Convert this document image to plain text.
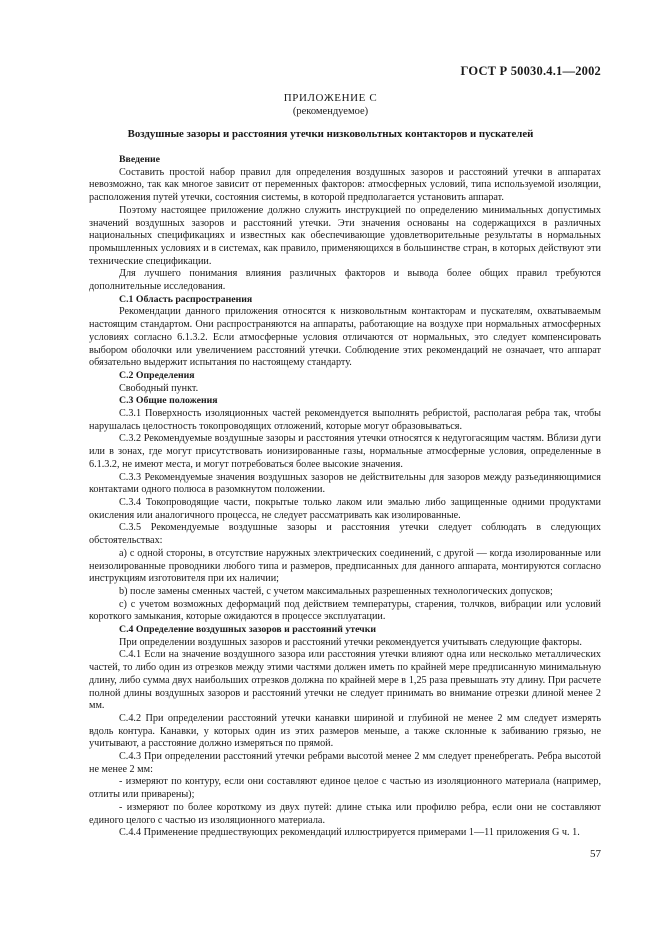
ГОСТ Р 50030.4.1—2002
ПРИЛОЖЕНИЕ С
(рекомендуемое)
Воздушные зазоры и расстояния утечки низковольтных контакторов и пускателей

Введение

Составить простой набор правил для определения воздушных зазоров и расстояний утечки в аппаратах невозможно, так как многое зависит от переменных факторов: атмосферных условий, типа используемой изоляции, расположения путей утечки, состояния системы, в которой предполагается установить аппарат.

Поэтому настоящее приложение должно служить инструкцией по определению минимальных допустимых значений воздушных зазоров и расстояний утечки. Эти значения основаны на содержащихся в различных национальных спецификациях и известных как обеспечивающие удовлетворительные результаты в нормальных промышленных условиях и в системах, как правило, применяющихся в большинстве стран, в которых действуют эти технические спецификации.

Для лучшего понимания влияния различных факторов и вывода более общих правил требуются дополнительные исследования.

С.1 Область распространения

Рекомендации данного приложения относятся к низковольтным контакторам и пускателям, охватываемым настоящим стандартом. Они распространяются на аппараты, работающие на воздухе при нормальных атмосферных условиях согласно 6.1.3.2. Если атмосферные условия отличаются от нормальных, это следует компенсировать выбором оболочки или увеличением расстояний утечки. Соблюдение этих рекомендаций не означает, что аппарат обязательно выдержит испытания по настоящему стандарту.

С.2 Определения

Свободный пункт.

С.3 Общие положения

С.3.1 Поверхность изоляционных частей рекомендуется выполнять ребристой, располагая ребра так, чтобы нарушалась целостность токопроводящих отложений, которые могут образовываться.

С.3.2 Рекомендуемые воздушные зазоры и расстояния утечки относятся к недугогасящим частям. Вблизи дуги или в зонах, где могут присутствовать ионизированные газы, нормальные атмосферные условия, определенные в 6.1.3.2, не имеют места, и могут потребоваться более высокие значения.

С.3.3 Рекомендуемые значения воздушных зазоров не действительны для зазоров между разъединяющимися контактами одного полюса в разомкнутом положении.

С.3.4 Токопроводящие части, покрытые только лаком или эмалью либо защищенные одними продуктами окисления или аналогичного процесса, не следует рассматривать как изолированные.

С.3.5 Рекомендуемые воздушные зазоры и расстояния утечки следует соблюдать в следующих обстоятельствах:

а) с одной стороны, в отсутствие наружных электрических соединений, с другой — когда изолированные или неизолированные проводники любого типа и размеров, предписанных для данного аппарата, монтируются согласно инструкциям изготовителя при их наличии;

b) после замены сменных частей, с учетом максимальных разрешенных технологических допусков;

с) с учетом возможных деформаций под действием температуры, старения, толчков, вибрации или условий короткого замыкания, которые ожидаются в процессе эксплуатации.

С.4 Определение воздушных зазоров и расстояний утечки

При определении воздушных зазоров и расстояний утечки рекомендуется учитывать следующие факторы.

С.4.1 Если на значение воздушного зазора или расстояния утечки влияют одна или несколько металлических частей, то либо один из отрезков между этими частями должен иметь по крайней мере предписанную минимальную длину, либо сумма двух наибольших отрезков должна по крайней мере в 1,25 раза превышать эту длину. При расчете полной длины воздушных зазоров и расстояний утечки не следует принимать во внимание отрезки длиной менее 2 мм.

С.4.2 При определении расстояний утечки канавки шириной и глубиной не менее 2 мм следует измерять вдоль контура. Канавки, у которых один из этих размеров меньше, а также склонные к забиванию грязью, не учитывают, а расстояние должно измеряться по прямой.

С.4.3 При определении расстояний утечки ребрами высотой менее 2 мм следует пренебрегать. Ребра высотой не менее 2 мм:

- измеряют по контуру, если они составляют единое целое с частью из изоляционного материала (например, отлиты или приварены);

- измеряют по более короткому из двух путей: длине стыка или профилю ребра, если они не составляют единого целого с частью из изоляционного материала.

С.4.4 Применение предшествующих рекомендаций иллюстрируется примерами 1—11 приложения G ч. 1.

57
